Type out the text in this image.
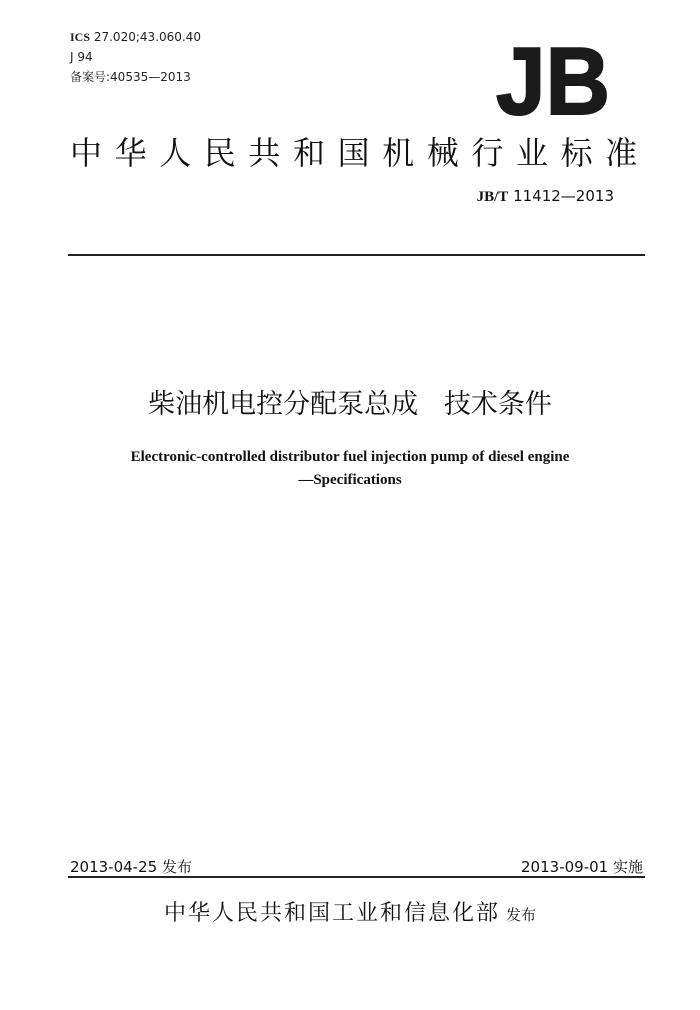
ICS 27.020;43.060.40
J 94
备案号:40535—2013	JB
中华人民共和国机械行业标准
JB/T 11412—2013
柴油机电控分配泵总成   技术条件
Electronic-controlled distributor fuel injection pump of diesel engine
—Specifications
2013-04-25 发布	2013-09-01 实施
中华人民共和国工业和信息化部 发布
